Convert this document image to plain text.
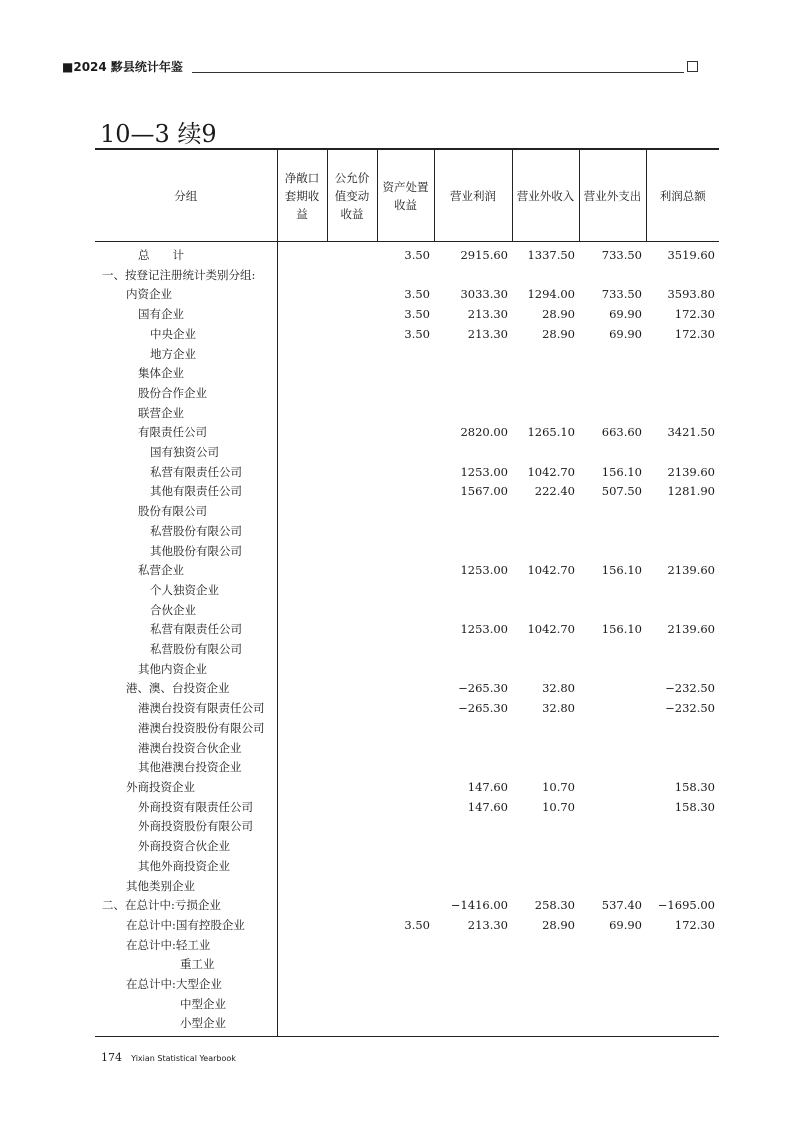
■2024 黟县统计年鉴
10—3 续9
分组	净敞口套期收益	公允价值变动收益	资产处置收益	营业利润	营业外收入	营业外支出	利润总额
总　　计			3.50	2915.60	1337.50	733.50	3519.60
一、按登记注册统计类别分组:							
内资企业			3.50	3033.30	1294.00	733.50	3593.80
国有企业			3.50	213.30	28.90	69.90	172.30
中央企业			3.50	213.30	28.90	69.90	172.30
地方企业							
集体企业							
股份合作企业							
联营企业							
有限责任公司				2820.00	1265.10	663.60	3421.50
国有独资公司							
私营有限责任公司				1253.00	1042.70	156.10	2139.60
其他有限责任公司				1567.00	222.40	507.50	1281.90
股份有限公司							
私营股份有限公司							
其他股份有限公司							
私营企业				1253.00	1042.70	156.10	2139.60
个人独资企业							
合伙企业							
私营有限责任公司				1253.00	1042.70	156.10	2139.60
私营股份有限公司							
其他内资企业							
港、澳、台投资企业				−265.30	32.80		−232.50
港澳台投资有限责任公司				−265.30	32.80		−232.50
港澳台投资股份有限公司							
港澳台投资合伙企业							
其他港澳台投资企业							
外商投资企业				147.60	10.70		158.30
外商投资有限责任公司				147.60	10.70		158.30
外商投资股份有限公司							
外商投资合伙企业							
其他外商投资企业							
其他类别企业							
二、在总计中:亏损企业				−1416.00	258.30	537.40	−1695.00
在总计中:国有控股企业			3.50	213.30	28.90	69.90	172.30
在总计中:轻工业							
重工业							
在总计中:大型企业							
中型企业							
小型企业							
174 Yixian Statistical Yearbook
